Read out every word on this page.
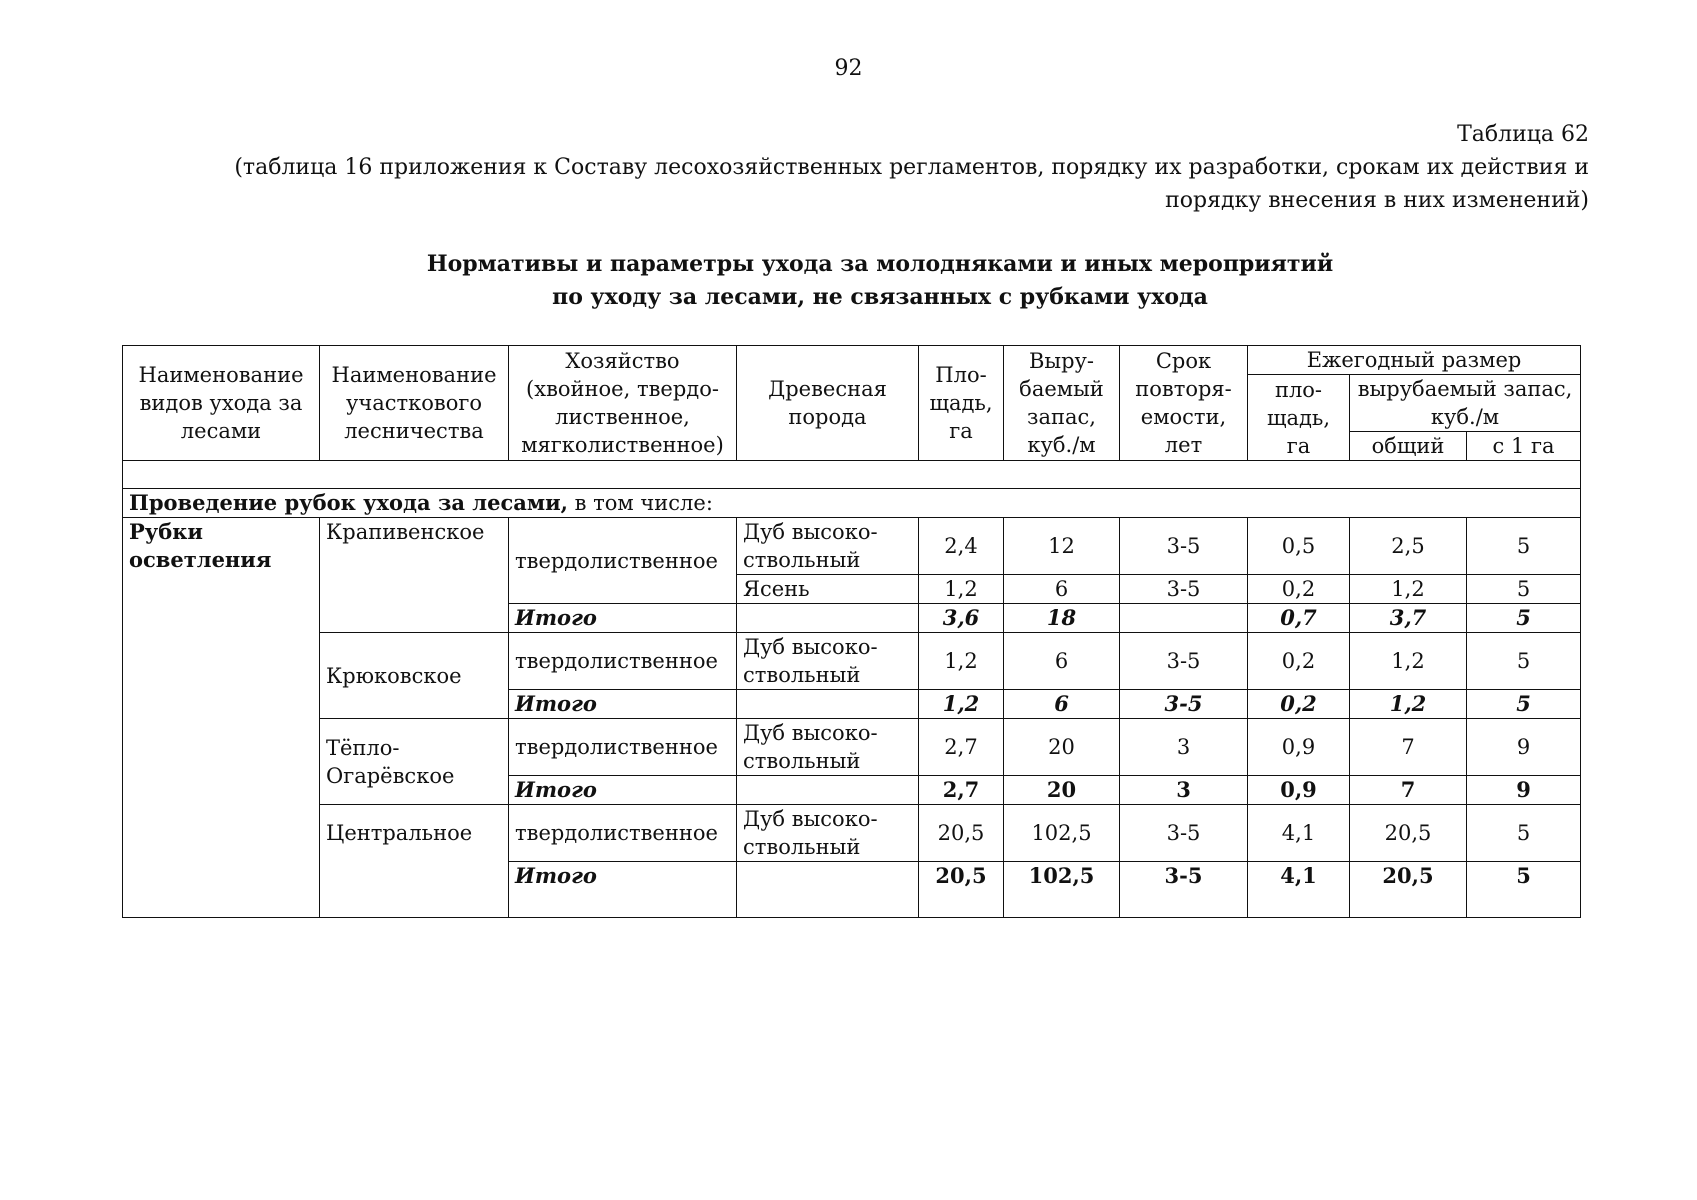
92
Таблица 62
(таблица 16 приложения к Составу лесохозяйственных регламентов, порядку их разработки, срокам их действия и порядку внесения в них изменений)
Нормативы и параметры ухода за молодняками и иных мероприятий
по уходу за лесами, не связанных с рубками ухода
Наименование видов ухода за лесами	Наименование участкового лесничества	Хозяйство (хвойное, твердо-лиственное, мягколиственное)	Древесная порода	Пло-щадь, га	Выру-баемый запас, куб./м	Срок повторя-емости, лет	Ежегодный размер		
							пло-щадь, га	вырубаемый запас, куб./м	
								общий	с 1 га

Проведение рубок ухода за лесами, в том числе:									
Рубки осветления	Крапивенское	твердолиственное	Дуб высоко-ствольный	2,4	12	3-5	0,5	2,5	5
			Ясень	1,2	6	3-5	0,2	1,2	5
		Итого		3,6	18		0,7	3,7	5
	Крюковское	твердолиственное	Дуб высоко-ствольный	1,2	6	3-5	0,2	1,2	5
		Итого		1,2	6	3-5	0,2	1,2	5
	Тёпло-Огарёвское	твердолиственное	Дуб высоко-ствольный	2,7	20	3	0,9	7	9
		Итого		2,7	20	3	0,9	7	9
	Центральное	твердолиственное	Дуб высоко-ствольный	20,5	102,5	3-5	4,1	20,5	5
		Итого		20,5	102,5	3-5	4,1	20,5	5
